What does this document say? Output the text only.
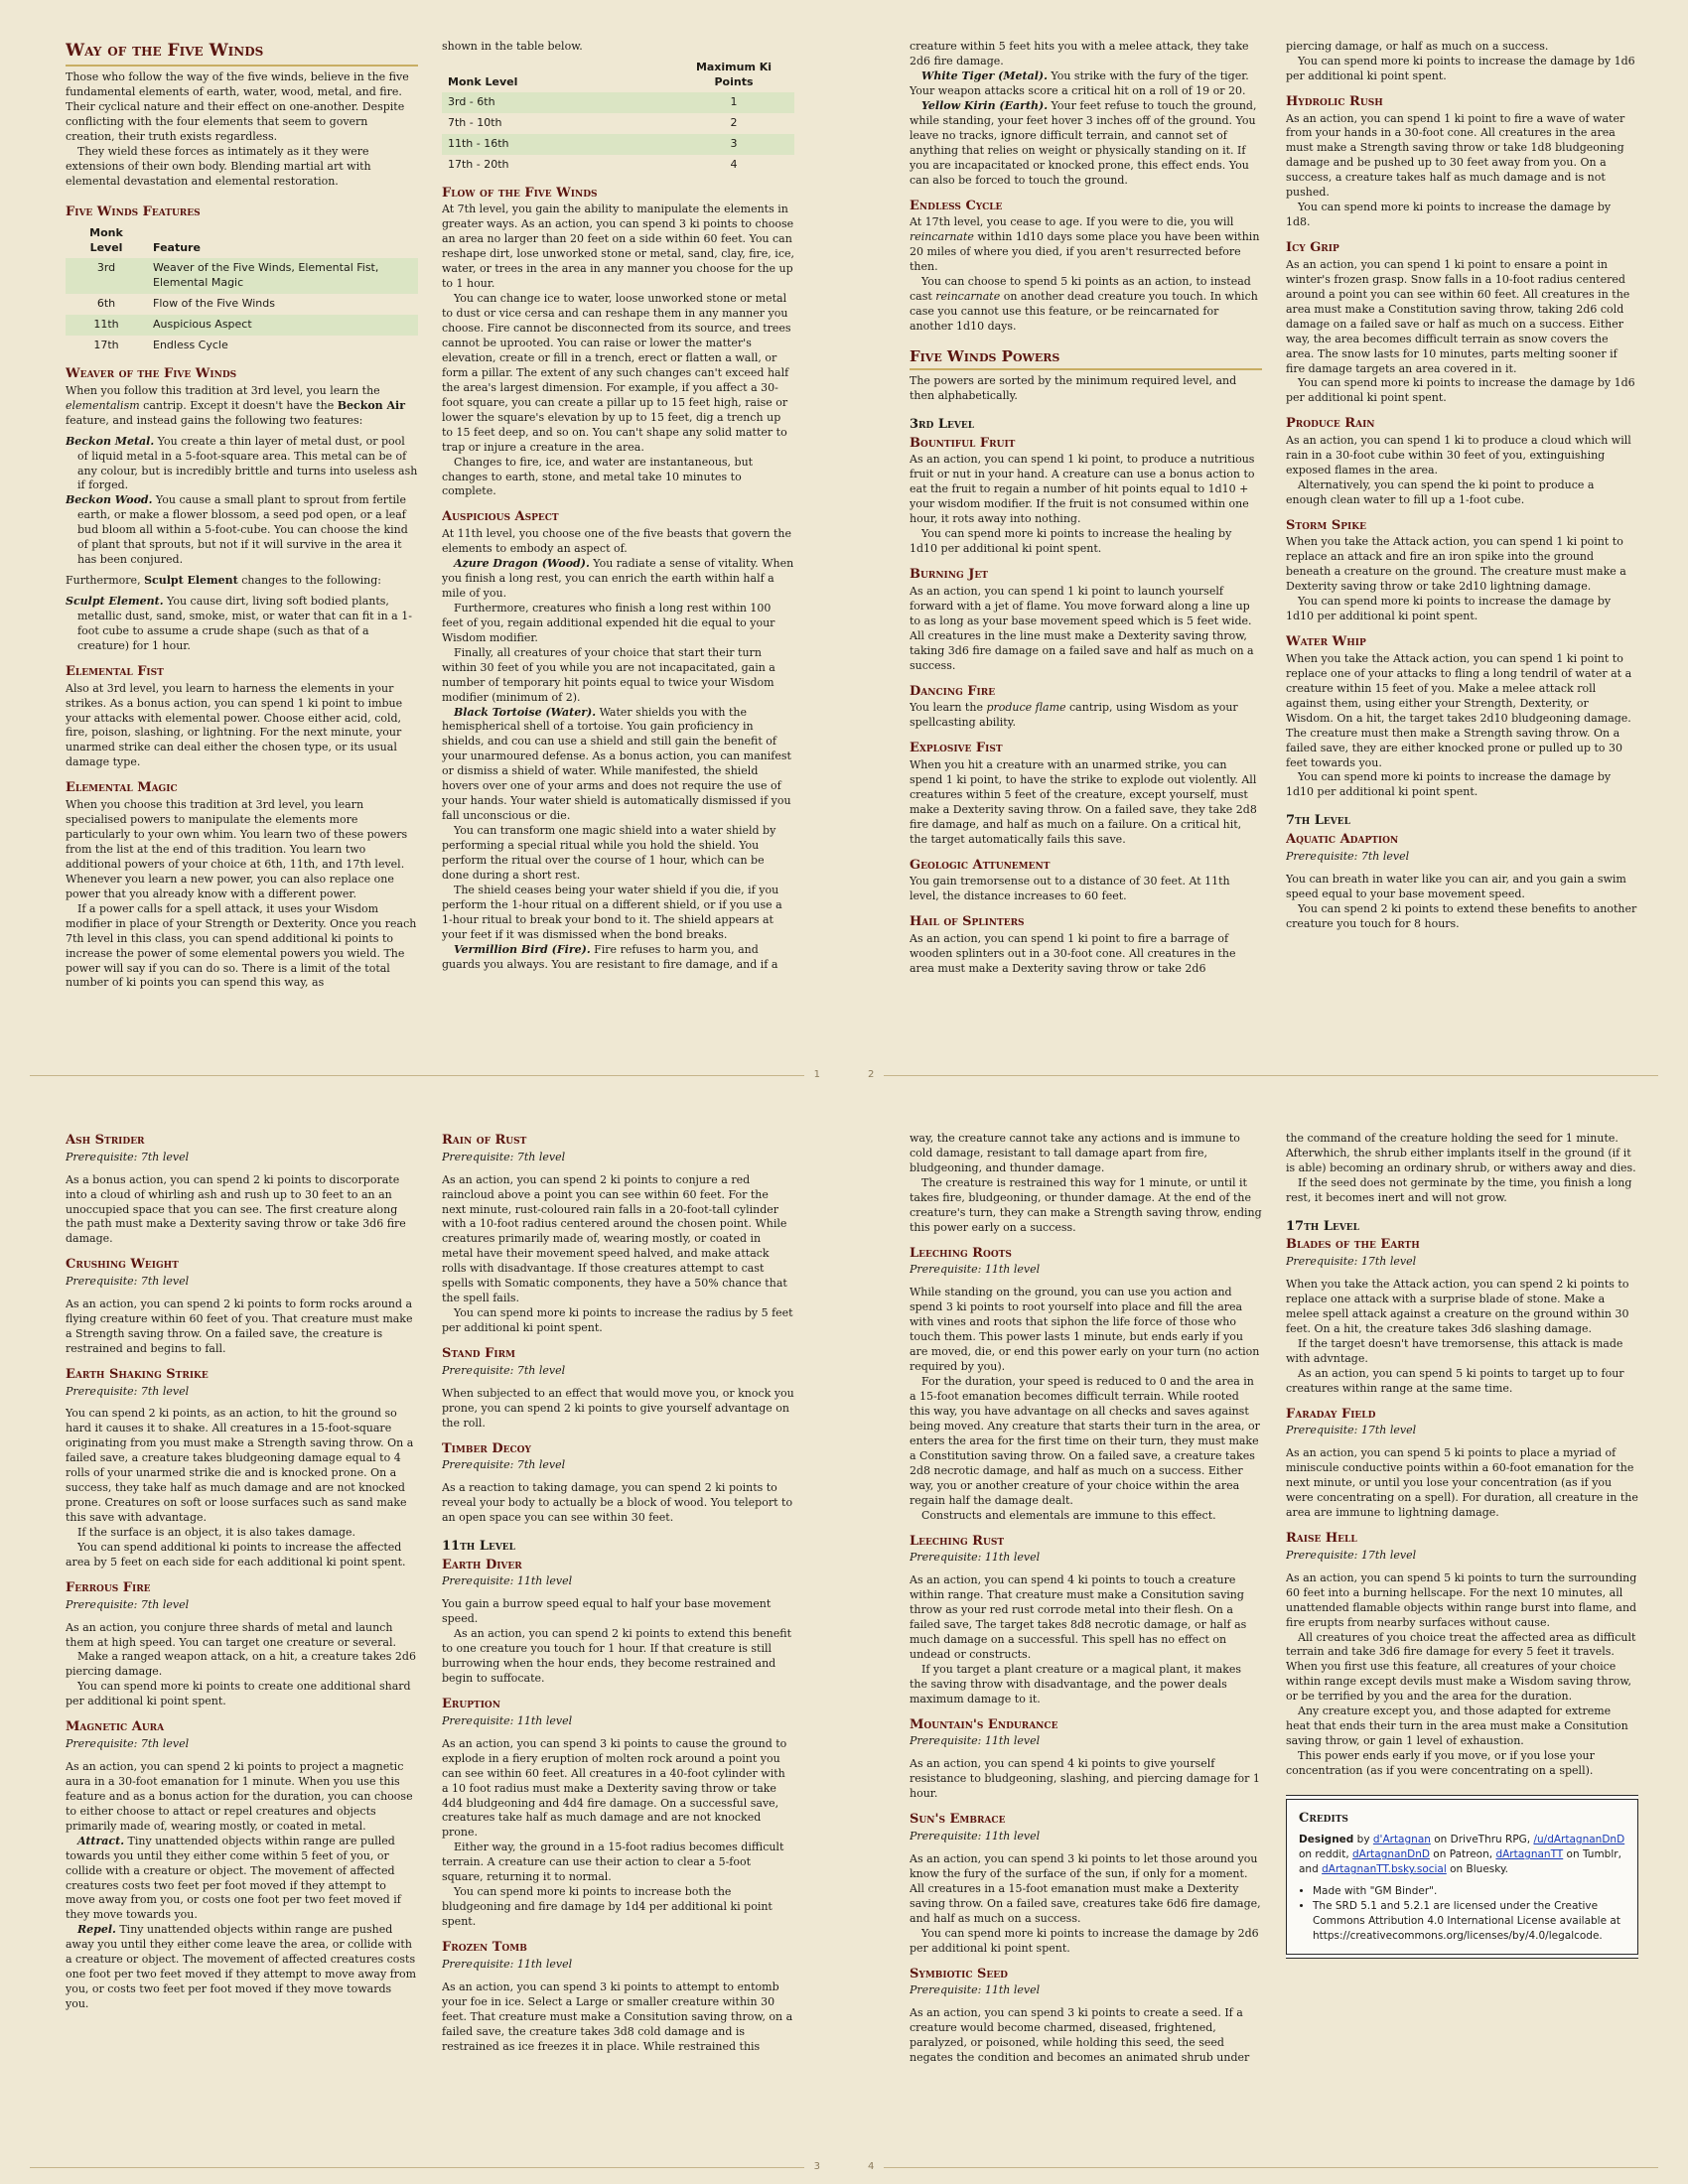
Way of the Five Winds

Those who follow the way of the five winds, believe in the five fundamental elements of earth, water, wood, metal, and fire. Their cyclical nature and their effect on one-another. Despite conflicting with the four elements that seem to govern creation, their truth exists regardless.

They wield these forces as intimately as it they were extensions of their own body. Blending martial art with elemental devastation and elemental restoration.

Five Winds Features
Monk Level	Feature
3rd	Weaver of the Five Winds, Elemental Fist, Elemental Magic
6th	Flow of the Five Winds
11th	Auspicious Aspect
17th	Endless Cycle
Weaver of the Five Winds

When you follow this tradition at 3rd level, you learn the elementalism cantrip. Except it doesn't have the Beckon Air feature, and instead gains the following two features:

Beckon Metal. You create a thin layer of metal dust, or pool of liquid metal in a 5-foot-square area. This metal can be of any colour, but is incredibly brittle and turns into useless ash if forged.

Beckon Wood. You cause a small plant to sprout from fertile earth, or make a flower blossom, a seed pod open, or a leaf bud bloom all within a 5-foot-cube. You can choose the kind of plant that sprouts, but not if it will survive in the area it has been conjured.

Furthermore, Sculpt Element changes to the following:

Sculpt Element. You cause dirt, living soft bodied plants, metallic dust, sand, smoke, mist, or water that can fit in a 1-foot cube to assume a crude shape (such as that of a creature) for 1 hour.

Elemental Fist

Also at 3rd level, you learn to harness the elements in your strikes. As a bonus action, you can spend 1 ki point to imbue your attacks with elemental power. Choose either acid, cold, fire, poison, slashing, or lightning. For the next minute, your unarmed strike can deal either the chosen type, or its usual damage type.

Elemental Magic

When you choose this tradition at 3rd level, you learn specialised powers to manipulate the elements more particularly to your own whim. You learn two of these powers from the list at the end of this tradition. You learn two additional powers of your choice at 6th, 11th, and 17th level. Whenever you learn a new power, you can also replace one power that you already know with a different power.

If a power calls for a spell attack, it uses your Wisdom modifier in place of your Strength or Dexterity. Once you reach 7th level in this class, you can spend additional ki points to increase the power of some elemental powers you wield. The power will say if you can do so. There is a limit of the total number of ki points you can spend this way, as

shown in the table below.

Monk Level	Maximum Ki Points
3rd - 6th	1
7th - 10th	2
11th - 16th	3
17th - 20th	4
Flow of the Five Winds

At 7th level, you gain the ability to manipulate the elements in greater ways. As an action, you can spend 3 ki points to choose an area no larger than 20 feet on a side within 60 feet. You can reshape dirt, lose unworked stone or metal, sand, clay, fire, ice, water, or trees in the area in any manner you choose for the up to 1 hour.

You can change ice to water, loose unworked stone or metal to dust or vice cersa and can reshape them in any manner you choose. Fire cannot be disconnected from its source, and trees cannot be uprooted. You can raise or lower the matter's elevation, create or fill in a trench, erect or flatten a wall, or form a pillar. The extent of any such changes can't exceed half the area's largest dimension. For example, if you affect a 30-foot square, you can create a pillar up to 15 feet high, raise or lower the square's elevation by up to 15 feet, dig a trench up to 15 feet deep, and so on. You can't shape any solid matter to trap or injure a creature in the area.

Changes to fire, ice, and water are instantaneous, but changes to earth, stone, and metal take 10 minutes to complete.

Auspicious Aspect

At 11th level, you choose one of the five beasts that govern the elements to embody an aspect of.

Azure Dragon (Wood). You radiate a sense of vitality. When you finish a long rest, you can enrich the earth within half a mile of you.

Furthermore, creatures who finish a long rest within 100 feet of you, regain additional expended hit die equal to your Wisdom modifier.

Finally, all creatures of your choice that start their turn within 30 feet of you while you are not incapacitated, gain a number of temporary hit points equal to twice your Wisdom modifier (minimum of 2).

Black Tortoise (Water). Water shields you with the hemispherical shell of a tortoise. You gain proficiency in shields, and cou can use a shield and still gain the benefit of your unarmoured defense. As a bonus action, you can manifest or dismiss a shield of water. While manifested, the shield hovers over one of your arms and does not require the use of your hands. Your water shield is automatically dismissed if you fall unconscious or die.

You can transform one magic shield into a water shield by performing a special ritual while you hold the shield. You perform the ritual over the course of 1 hour, which can be done during a short rest.

The shield ceases being your water shield if you die, if you perform the 1-hour ritual on a different shield, or if you use a 1-hour ritual to break your bond to it. The shield appears at your feet if it was dismissed when the bond breaks.

Vermillion Bird (Fire). Fire refuses to harm you, and guards you always. You are resistant to fire damage, and if a

1

creature within 5 feet hits you with a melee attack, they take 2d6 fire damage.

White Tiger (Metal). You strike with the fury of the tiger. Your weapon attacks score a critical hit on a roll of 19 or 20.

Yellow Kirin (Earth). Your feet refuse to touch the ground, while standing, your feet hover 3 inches off of the ground. You leave no tracks, ignore difficult terrain, and cannot set of anything that relies on weight or physically standing on it. If you are incapacitated or knocked prone, this effect ends. You can also be forced to touch the ground.

Endless Cycle

At 17th level, you cease to age. If you were to die, you will reincarnate within 1d10 days some place you have been within 20 miles of where you died, if you aren't resurrected before then.

You can choose to spend 5 ki points as an action, to instead cast reincarnate on another dead creature you touch. In which case you cannot use this feature, or be reincarnated for another 1d10 days.

Five Winds Powers

The powers are sorted by the minimum required level, and then alphabetically.

3rd Level
Bountiful Fruit

As an action, you can spend 1 ki point, to produce a nutritious fruit or nut in your hand. A creature can use a bonus action to eat the fruit to regain a number of hit points equal to 1d10 + your wisdom modifier. If the fruit is not consumed within one hour, it rots away into nothing.

You can spend more ki points to increase the healing by 1d10 per additional ki point spent.

Burning Jet

As an action, you can spend 1 ki point to launch yourself forward with a jet of flame. You move forward along a line up to as long as your base movement speed which is 5 feet wide. All creatures in the line must make a Dexterity saving throw, taking 3d6 fire damage on a failed save and half as much on a success.

Dancing Fire

You learn the produce flame cantrip, using Wisdom as your spellcasting ability.

Explosive Fist

When you hit a creature with an unarmed strike, you can spend 1 ki point, to have the strike to explode out violently. All creatures within 5 feet of the creature, except yourself, must make a Dexterity saving throw. On a failed save, they take 2d8 fire damage, and half as much on a failure. On a critical hit, the target automatically fails this save.

Geologic Attunement

You gain tremorsense out to a distance of 30 feet. At 11th level, the distance increases to 60 feet.

Hail of Splinters

As an action, you can spend 1 ki point to fire a barrage of wooden splinters out in a 30-foot cone. All creatures in the area must make a Dexterity saving throw or take 2d6

piercing damage, or half as much on a success.

You can spend more ki points to increase the damage by 1d6 per additional ki point spent.

Hydrolic Rush

As an action, you can spend 1 ki point to fire a wave of water from your hands in a 30-foot cone. All creatures in the area must make a Strength saving throw or take 1d8 bludgeoning damage and be pushed up to 30 feet away from you. On a success, a creature takes half as much damage and is not pushed.

You can spend more ki points to increase the damage by 1d8.

Icy Grip

As an action, you can spend 1 ki point to ensare a point in winter's frozen grasp. Snow falls in a 10-foot radius centered around a point you can see within 60 feet. All creatures in the area must make a Constitution saving throw, taking 2d6 cold damage on a failed save or half as much on a success. Either way, the area becomes difficult terrain as snow covers the area. The snow lasts for 10 minutes, parts melting sooner if fire damage targets an area covered in it.

You can spend more ki points to increase the damage by 1d6 per additional ki point spent.

Produce Rain

As an action, you can spend 1 ki to produce a cloud which will rain in a 30-foot cube within 30 feet of you, extinguishing exposed flames in the area.

Alternatively, you can spend the ki point to produce a enough clean water to fill up a 1-foot cube.

Storm Spike

When you take the Attack action, you can spend 1 ki point to replace an attack and fire an iron spike into the ground beneath a creature on the ground. The creature must make a Dexterity saving throw or take 2d10 lightning damage.

You can spend more ki points to increase the damage by 1d10 per additional ki point spent.

Water Whip

When you take the Attack action, you can spend 1 ki point to replace one of your attacks to fling a long tendril of water at a creature within 15 feet of you. Make a melee attack roll against them, using either your Strength, Dexterity, or Wisdom. On a hit, the target takes 2d10 bludgeoning damage. The creature must then make a Strength saving throw. On a failed save, they are either knocked prone or pulled up to 30 feet towards you.

You can spend more ki points to increase the damage by 1d10 per additional ki point spent.

7th Level
Aquatic Adaption
Prerequisite: 7th level

You can breath in water like you can air, and you gain a swim speed equal to your base movement speed.

You can spend 2 ki points to extend these benefits to another creature you touch for 8 hours.

2
Ash Strider
Prerequisite: 7th level

As a bonus action, you can spend 2 ki points to discorporate into a cloud of whirling ash and rush up to 30 feet to an an unoccupied space that you can see. The first creature along the path must make a Dexterity saving throw or take 3d6 fire damage.

Crushing Weight
Prerequisite: 7th level

As an action, you can spend 2 ki points to form rocks around a flying creature within 60 feet of you. That creature must make a Strength saving throw. On a failed save, the creature is restrained and begins to fall.

Earth Shaking Strike
Prerequisite: 7th level

You can spend 2 ki points, as an action, to hit the ground so hard it causes it to shake. All creatures in a 15-foot-square originating from you must make a Strength saving throw. On a failed save, a creature takes bludgeoning damage equal to 4 rolls of your unarmed strike die and is knocked prone. On a success, they take half as much damage and are not knocked prone. Creatures on soft or loose surfaces such as sand make this save with advantage.

If the surface is an object, it is also takes damage.

You can spend additional ki points to increase the affected area by 5 feet on each side for each additional ki point spent.

Ferrous Fire
Prerequisite: 7th level

As an action, you conjure three shards of metal and launch them at high speed. You can target one creature or several.

Make a ranged weapon attack, on a hit, a creature takes 2d6 piercing damage.

You can spend more ki points to create one additional shard per additional ki point spent.

Magnetic Aura
Prerequisite: 7th level

As an action, you can spend 2 ki points to project a magnetic aura in a 30-foot emanation for 1 minute. When you use this feature and as a bonus action for the duration, you can choose to either choose to attact or repel creatures and objects primarily made of, wearing mostly, or coated in metal.

Attract. Tiny unattended objects within range are pulled towards you until they either come within 5 feet of you, or collide with a creature or object. The movement of affected creatures costs two feet per foot moved if they attempt to move away from you, or costs one foot per two feet moved if they move towards you.

Repel. Tiny unattended objects within range are pushed away you until they either come leave the area, or collide with a creature or object. The movement of affected creatures costs one foot per two feet moved if they attempt to move away from you, or costs two feet per foot moved if they move towards you.

Rain of Rust
Prerequisite: 7th level

As an action, you can spend 2 ki points to conjure a red raincloud above a point you can see within 60 feet. For the next minute, rust-coloured rain falls in a 20-foot-tall cylinder with a 10-foot radius centered around the chosen point. While creatures primarily made of, wearing mostly, or coated in metal have their movement speed halved, and make attack rolls with disadvantage. If those creatures attempt to cast spells with Somatic components, they have a 50% chance that the spell fails.

You can spend more ki points to increase the radius by 5 feet per additional ki point spent.

Stand Firm
Prerequisite: 7th level

When subjected to an effect that would move you, or knock you prone, you can spend 2 ki points to give yourself advantage on the roll.

Timber Decoy
Prerequisite: 7th level

As a reaction to taking damage, you can spend 2 ki points to reveal your body to actually be a block of wood. You teleport to an open space you can see within 30 feet.

11th Level
Earth Diver
Prerequisite: 11th level

You gain a burrow speed equal to half your base movement speed.

As an action, you can spend 2 ki points to extend this benefit to one creature you touch for 1 hour. If that creature is still burrowing when the hour ends, they become restrained and begin to suffocate.

Eruption
Prerequisite: 11th level

As an action, you can spend 3 ki points to cause the ground to explode in a fiery eruption of molten rock around a point you can see within 60 feet. All creatures in a 40-foot cylinder with a 10 foot radius must make a Dexterity saving throw or take 4d4 bludgeoning and 4d4 fire damage. On a successful save, creatures take half as much damage and are not knocked prone.

Either way, the ground in a 15-foot radius becomes difficult terrain. A creature can use their action to clear a 5-foot square, returning it to normal.

You can spend more ki points to increase both the bludgeoning and fire damage by 1d4 per additional ki point spent.

Frozen Tomb
Prerequisite: 11th level

As an action, you can spend 3 ki points to attempt to entomb your foe in ice. Select a Large or smaller creature within 30 feet. That creature must make a Consitution saving throw, on a failed save, the creature takes 3d8 cold damage and is restrained as ice freezes it in place. While restrained this

3

way, the creature cannot take any actions and is immune to cold damage, resistant to tall damage apart from fire, bludgeoning, and thunder damage.

The creature is restrained this way for 1 minute, or until it takes fire, bludgeoning, or thunder damage. At the end of the creature's turn, they can make a Strength saving throw, ending this power early on a success.

Leeching Roots
Prerequisite: 11th level

While standing on the ground, you can use you action and spend 3 ki points to root yourself into place and fill the area with vines and roots that siphon the life force of those who touch them. This power lasts 1 minute, but ends early if you are moved, die, or end this power early on your turn (no action required by you).

For the duration, your speed is reduced to 0 and the area in a 15-foot emanation becomes difficult terrain. While rooted this way, you have advantage on all checks and saves against being moved. Any creature that starts their turn in the area, or enters the area for the first time on their turn, they must make a Constitution saving throw. On a failed save, a creature takes 2d8 necrotic damage, and half as much on a success. Either way, you or another creature of your choice within the area regain half the damage dealt.

Constructs and elementals are immune to this effect.

Leeching Rust
Prerequisite: 11th level

As an action, you can spend 4 ki points to touch a creature within range. That creature must make a Consitution saving throw as your red rust corrode metal into their flesh. On a failed save, The target takes 8d8 necrotic damage, or half as much damage on a successful. This spell has no effect on undead or constructs.

If you target a plant creature or a magical plant, it makes the saving throw with disadvantage, and the power deals maximum damage to it.

Mountain's Endurance
Prerequisite: 11th level

As an action, you can spend 4 ki points to give yourself resistance to bludgeoning, slashing, and piercing damage for 1 hour.

Sun's Embrace
Prerequisite: 11th level

As an action, you can spend 3 ki points to let those around you know the fury of the surface of the sun, if only for a moment. All creatures in a 15-foot emanation must make a Dexterity saving throw. On a failed save, creatures take 6d6 fire damage, and half as much on a success.

You can spend more ki points to increase the damage by 2d6 per additional ki point spent.

Symbiotic Seed
Prerequisite: 11th level

As an action, you can spend 3 ki points to create a seed. If a creature would become charmed, diseased, frightened, paralyzed, or poisoned, while holding this seed, the seed negates the condition and becomes an animated shrub under

the command of the creature holding the seed for 1 minute. Afterwhich, the shrub either implants itself in the ground (if it is able) becoming an ordinary shrub, or withers away and dies.

If the seed does not germinate by the time, you finish a long rest, it becomes inert and will not grow.

17th Level
Blades of the Earth
Prerequisite: 17th level

When you take the Attack action, you can spend 2 ki points to replace one attack with a surprise blade of stone. Make a melee spell attack against a creature on the ground within 30 feet. On a hit, the creature takes 3d6 slashing damage.

If the target doesn't have tremorsense, this attack is made with advntage.

As an action, you can spend 5 ki points to target up to four creatures within range at the same time.

Faraday Field
Prerequisite: 17th level

As an action, you can spend 5 ki points to place a myriad of miniscule conductive points within a 60-foot emanation for the next minute, or until you lose your concentration (as if you were concentrating on a spell). For duration, all creature in the area are immune to lightning damage.

Raise Hell
Prerequisite: 17th level

As an action, you can spend 5 ki points to turn the surrounding 60 feet into a burning hellscape. For the next 10 minutes, all unattended flamable objects within range burst into flame, and fire erupts from nearby surfaces without cause.

All creatures of you choice treat the affected area as difficult terrain and take 3d6 fire damage for every 5 feet it travels. When you first use this feature, all creatures of your choice within range except devils must make a Wisdom saving throw, or be terrified by you and the area for the duration.

Any creature except you, and those adapted for extreme heat that ends their turn in the area must make a Consitution saving throw, or gain 1 level of exhaustion.

This power ends early if you move, or if you lose your concentration (as if you were concentrating on a spell).

Credits
Designed by d'Artagnan on DriveThru RPG, /u/dArtagnanDnD on reddit, dArtagnanDnD on Patreon, dArtagnanTT on Tumblr, and dArtagnanTT.bsky.social on Bluesky.
• Made with "GM Binder".
• The SRD 5.1 and 5.2.1 are licensed under the Creative Commons Attribution 4.0 International License available at https://creativecommons.org/licenses/by/4.0/legalcode.
4
